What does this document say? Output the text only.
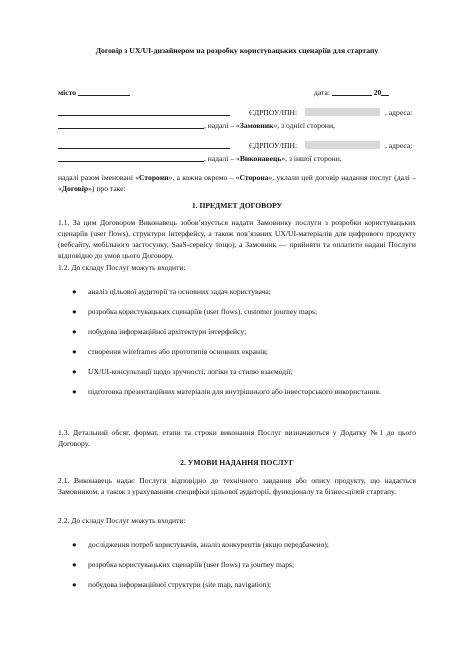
Договір з UX/UI-дизайнером на розробку користувацьких сценаріїв для стартапу
місто	дата:	20
ЄДРПОУ/ІПН:	, адреса:
, надалі – «Замовник», з однієї сторони,
ЄДРПОУ/ІПН:	, адреса:
, надалі – «Виконавець», з іншої сторони,

надалі разом іменовані «Сторони», а кожна окремо – «Сторона», уклали цей договір надання послуг (далі – «Договір») про таке:

1. ПРЕДМЕТ ДОГОВОРУ
1.1. За цим Договором Виконавець зобов’язується надати Замовнику послуги з розробки користувацьких сценаріїв (user flows), структури інтерфейсу, а також пов’язаних UX/UI-матеріалів для цифрового продукту (вебсайту, мобільного застосунку, SaaS-сервісу тощо), а Замовник — прийняти та оплатити надані Послуги відповідно до умов цього Договору.
1.2. До складу Послуг можуть входити:
● аналіз цільової аудиторії та основних задач користувача;
● розробка користувацьких сценаріїв (user flows), customer journey maps;
● побудова інформаційної архітектури інтерфейсу;
● створення wireframes або прототипів основних екранів;
● UX/UI-консультації щодо зручності, логіки та стилю взаємодії;
● підготовка презентаційних матеріалів для внутрішнього або інвесторського використання.
1.3. Детальний обсяг, формат, етапи та строки виконання Послуг визначаються у Додатку №1 до цього Договору.
2. УМОВИ НАДАННЯ ПОСЛУГ
2.1. Виконавець надає Послуги відповідно до технічного завдання або опису продукту, що надається Замовником, а також з урахуванням специфіки цільової аудиторії, функціоналу та бізнес-цілей стартапу.
2.2. До складу Послуг можуть входити:
● дослідження потреб користувачів, аналіз конкурентів (якщо передбачено);
● розробка користувацьких сценаріїв (user flows) та journey maps;
● побудова інформаційної структури (site map, navigation);
